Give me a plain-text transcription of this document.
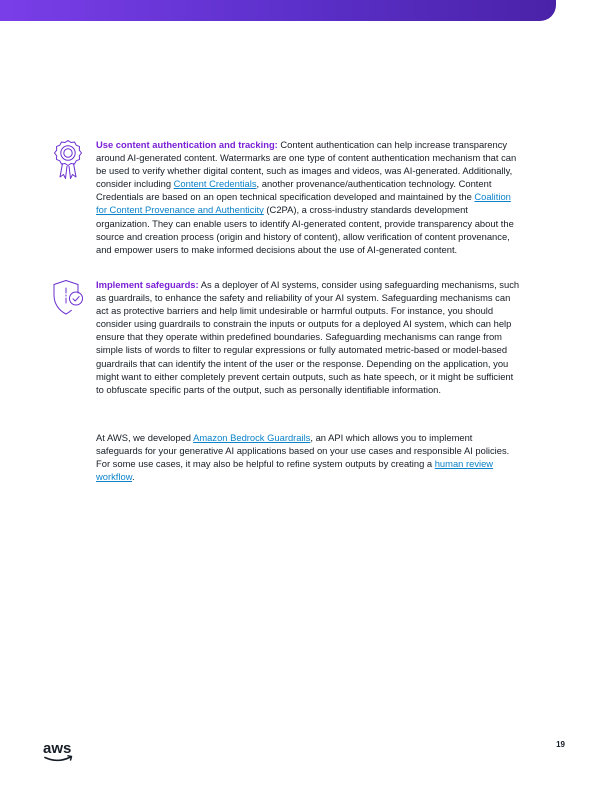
Use content authentication and tracking: Content authentication can help increase transparency around AI-generated content. Watermarks are one type of content authentication mechanism that can be used to verify whether digital content, such as images and videos, was AI-generated. Additionally, consider including Content Credentials, another provenance/authentication technology. Content Credentials are based on an open technical specification developed and maintained by the Coalition for Content Provenance and Authenticity (C2PA), a cross-industry standards development organization. They can enable users to identify AI-generated content, provide transparency about the source and creation process (origin and history of content), allow verification of content provenance, and empower users to make informed decisions about the use of AI-generated content.

Implement safeguards: As a deployer of AI systems, consider using safeguarding mechanisms, such as guardrails, to enhance the safety and reliability of your AI system. Safeguarding mechanisms can act as protective barriers and help limit undesirable or harmful outputs. For instance, you should consider using guardrails to constrain the inputs or outputs for a deployed AI system, which can help ensure that they operate within predefined boundaries. Safeguarding mechanisms can range from simple lists of words to filter to regular expressions or fully automated metric-based or model-based guardrails that can identify the intent of the user or the response. Depending on the application, you might want to either completely prevent certain outputs, such as hate speech, or it might be sufficient to obfuscate specific parts of the output, such as personally identifiable information.

At AWS, we developed Amazon Bedrock Guardrails, an API which allows you to implement safeguards for your generative AI applications based on your use cases and responsible AI policies. For some use cases, it may also be helpful to refine system outputs by creating a human review workflow.

aws	19
